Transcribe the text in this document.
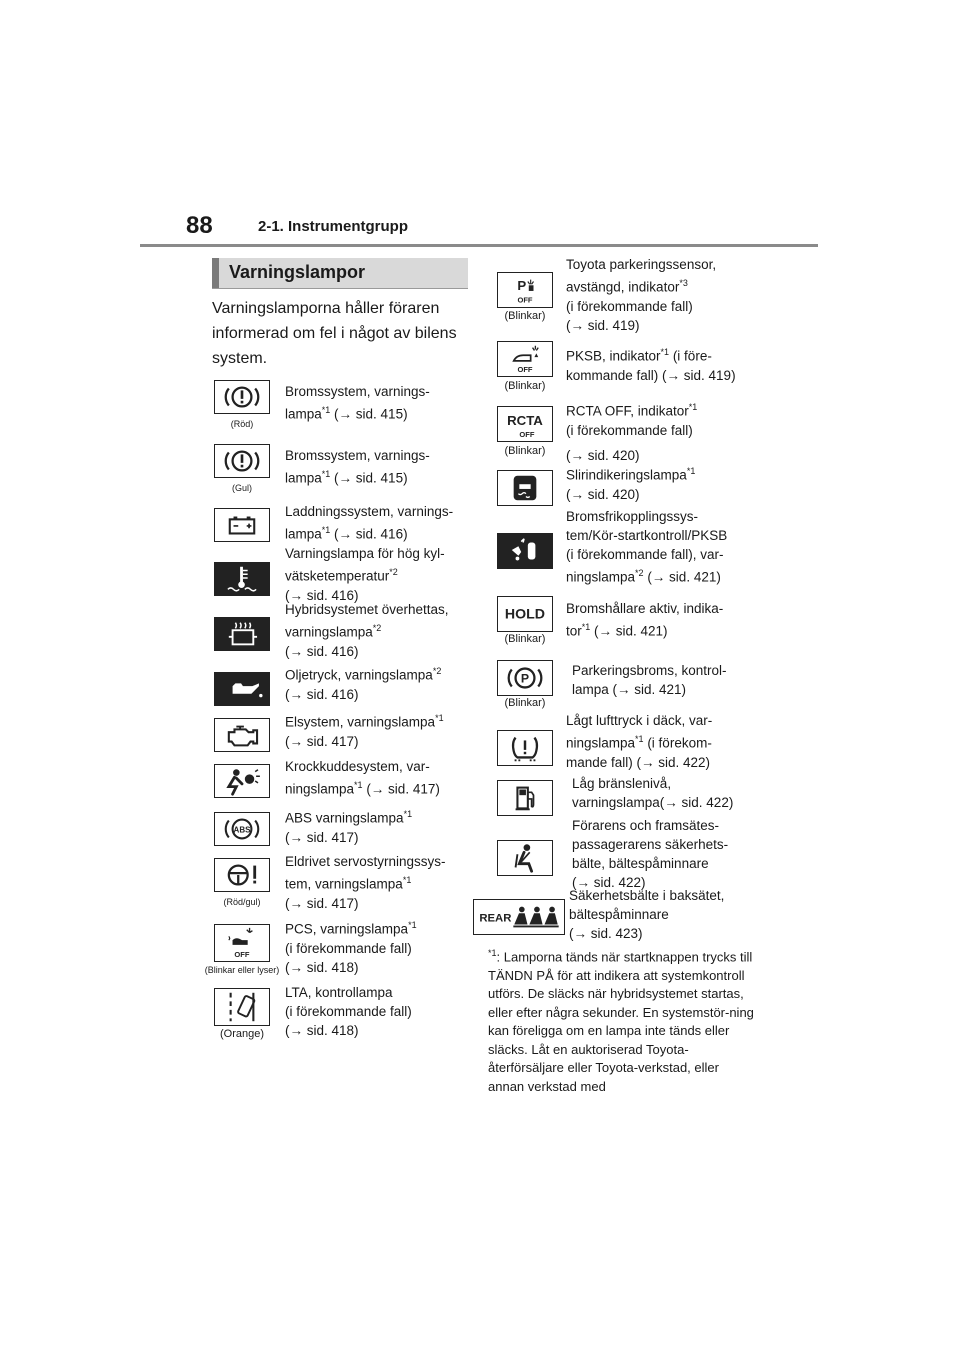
88	2-1. Instrumentgrupp
Varningslampor
Varningslamporna håller föraren informerad om fel i något av bilens system.
(Röd)
Bromssystem, varnings-
lampa$^{*1}$ (→ sid. 415)
(Gul)
Bromssystem, varnings-
lampa$^{*1}$ (→ sid. 415)
Laddningssystem, varnings-
lampa$^{*1}$ (→ sid. 416)
Varningslampa för hög kyl-
vätsketemperatur$^{*2}$
(→ sid. 416)
Hybridsystemet överhettas,
varningslampa$^{*2}$
(→ sid. 416)
Oljetryck, varningslampa$^{*2}$
(→ sid. 416)
Elsystem, varningslampa$^{*1}$
(→ sid. 417)
Krockkuddesystem, var-
ningslampa$^{*1}$ (→ sid. 417)
ABS
ABS varningslampa$^{*1}$
(→ sid. 417)
(Röd/gul)
Eldrivet servostyrningssys-
tem, varningslampa$^{*1}$
(→ sid. 417)
OFF
(Blinkar eller lyser)
PCS, varningslampa$^{*1}$
(i förekommande fall)
(→ sid. 418)
(Orange)
LTA, kontrollampa
(i förekommande fall)
(→ sid. 418)
P
OFF
(Blinkar)
Toyota parkeringssensor,
avstängd, indikator$^{*3}$
(i förekommande fall)
(→ sid. 419)
OFF
(Blinkar)
PKSB, indikator$^{*1}$ (i före-
kommande fall) (→ sid. 419)
RCTA
OFF
(Blinkar)
RCTA OFF, indikator$^{*1}$
(i förekommande fall)
(→ sid. 420)
Slirindikeringslampa$^{*1}$
(→ sid. 420)
Bromsfrikopplingssys-
tem/Kör-startkontroll/PKSB
(i förekommande fall), var-
ningslampa$^{*2}$ (→ sid. 421)
HOLD
(Blinkar)
Bromshållare aktiv, indika-
tor$^{*1}$ (→ sid. 421)
P
(Blinkar)
Parkeringsbroms, kontrol-
lampa (→ sid. 421)
Lågt lufttryck i däck, var-
ningslampa$^{*1}$ (i förekom-
mande fall) (→ sid. 422)
Låg bränslenivå,
varningslampa(→ sid. 422)
Förarens och framsätes-
passagerarens säkerhets-
bälte, bältespåminnare
(→ sid. 422)
REAR
Säkerhetsbälte i baksätet,
bältespåminnare
(→ sid. 423)
$^{*1}$: Lamporna tänds när startknappen trycks till TÄNDN PÅ för att indikera att systemkontroll utförs. De släcks när hybridsystemet startas, eller efter några sekunder. En systemstör-ning kan föreligga om en lampa inte tänds eller släcks. Låt en auktoriserad Toyota-återförsäljare eller Toyota-verkstad, eller annan verkstad med
